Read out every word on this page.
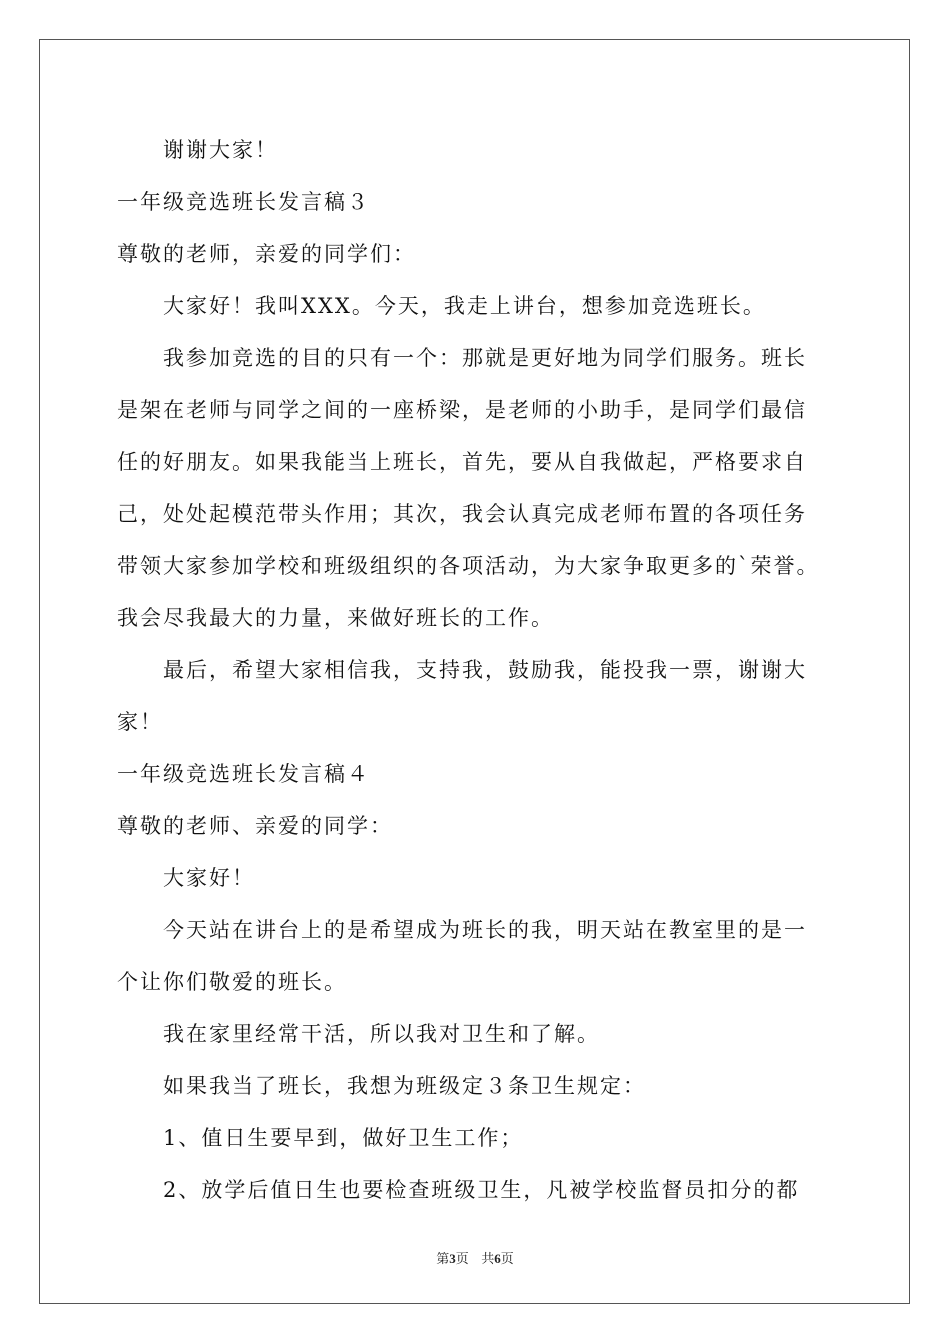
谢谢大家！
一年级竞选班长发言稿３
尊敬的老师，亲爱的同学们：
大家好！我叫XXX。今天，我走上讲台，想参加竞选班长。
我参加竞选的目的只有一个：那就是更好地为同学们服务。班长
是架在老师与同学之间的一座桥梁，是老师的小助手，是同学们最信
任的好朋友。如果我能当上班长，首先，要从自我做起，严格要求自
己，处处起模范带头作用；其次，我会认真完成老师布置的各项任务
带领大家参加学校和班级组织的各项活动，为大家争取更多的`荣誉。
我会尽我最大的力量，来做好班长的工作。
最后，希望大家相信我，支持我，鼓励我，能投我一票，谢谢大
家！
一年级竞选班长发言稿４
尊敬的老师、亲爱的同学：
大家好！
今天站在讲台上的是希望成为班长的我，明天站在教室里的是一
个让你们敬爱的班长。
我在家里经常干活，所以我对卫生和了解。
如果我当了班长，我想为班级定３条卫生规定：
1、值日生要早到，做好卫生工作；
2、放学后值日生也要检查班级卫生，凡被学校监督员扣分的都
第3页 共6页
